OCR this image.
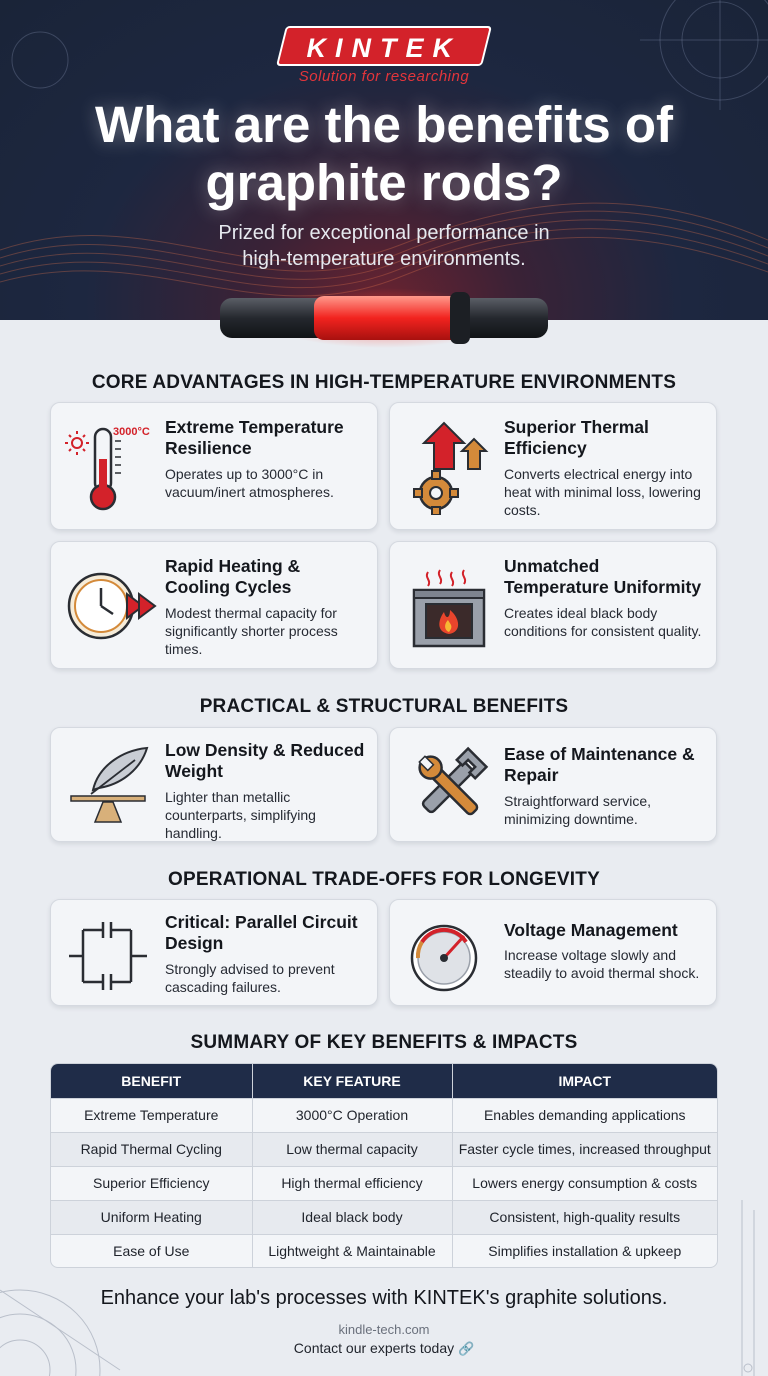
KINTEK
Solution for researching
What are the benefits of graphite rods?
Prized for exceptional performance in
high-temperature environments.
CORE ADVANTAGES IN HIGH-TEMPERATURE ENVIRONMENTS
3000°C Extreme Temperature Resilience
Operates up to 3000°C in vacuum/inert atmospheres.
Superior Thermal Efficiency
Converts electrical energy into heat with minimal loss, lowering costs.
Rapid Heating & Cooling Cycles
Modest thermal capacity for significantly shorter process times.
Unmatched Temperature Uniformity
Creates ideal black body conditions for consistent quality.
PRACTICAL & STRUCTURAL BENEFITS
Low Density & Reduced Weight
Lighter than metallic counterparts, simplifying handling.
Ease of Maintenance & Repair
Straightforward service, minimizing downtime.
OPERATIONAL TRADE-OFFS FOR LONGEVITY
Critical: Parallel Circuit Design
Strongly advised to prevent cascading failures.
Voltage Management
Increase voltage slowly and steadily to avoid thermal shock.
SUMMARY OF KEY BENEFITS & IMPACTS
BENEFIT	KEY FEATURE	IMPACT
Extreme Temperature	3000°C Operation	Enables demanding applications
Rapid Thermal Cycling	Low thermal capacity	Faster cycle times, increased throughput
Superior Efficiency	High thermal efficiency	Lowers energy consumption & costs
Uniform Heating	Ideal black body	Consistent, high-quality results
Ease of Use	Lightweight & Maintainable	Simplifies installation & upkeep
Enhance your lab's processes with KINTEK's graphite solutions.
kindle-tech.com
Contact our experts today 🔗
